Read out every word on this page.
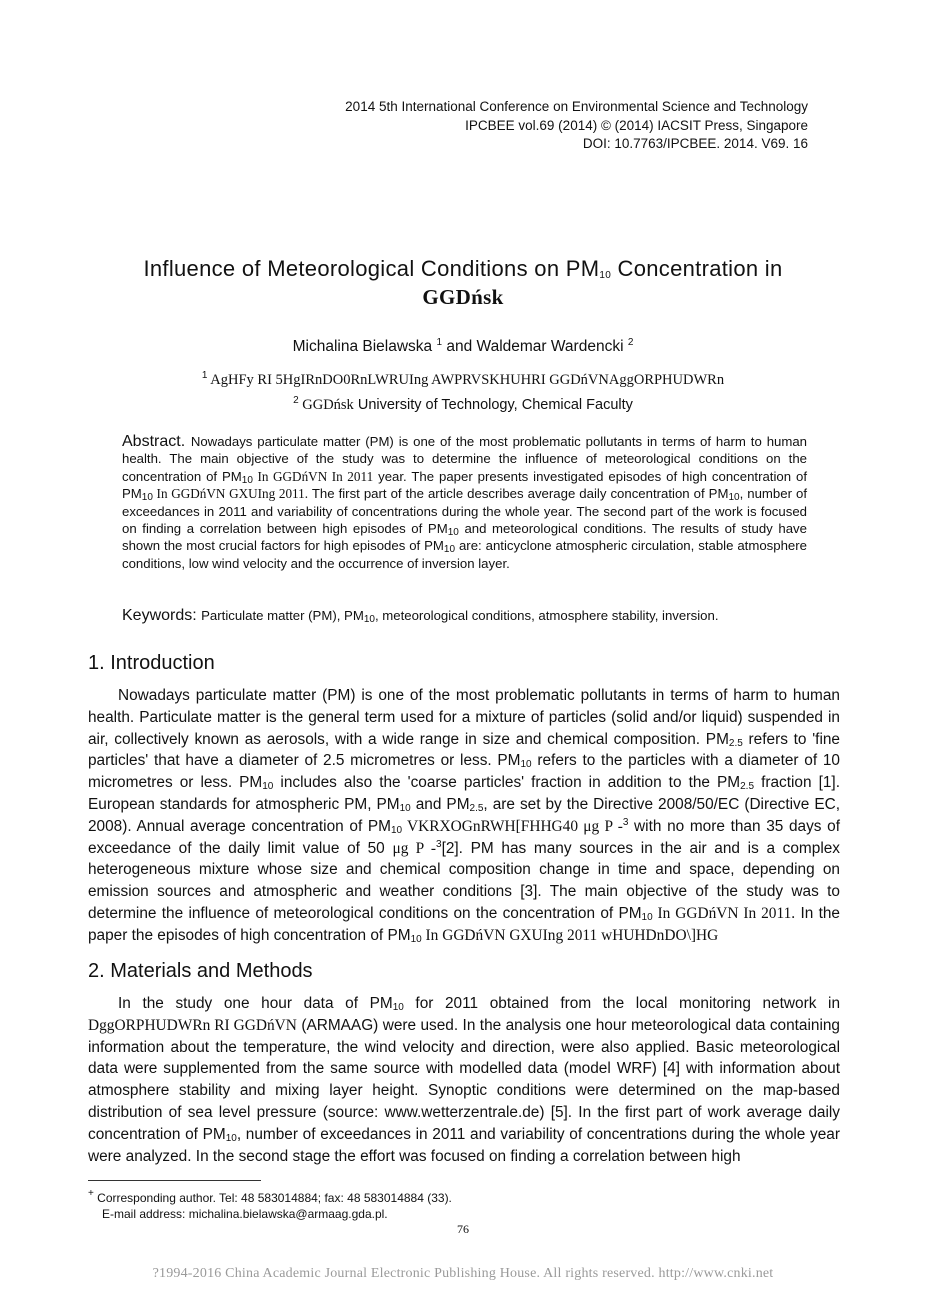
2014 5th International Conference on Environmental Science and Technology
IPCBEE vol.69 (2014) © (2014) IACSIT Press, Singapore
DOI: 10.7763/IPCBEE. 2014. V69. 16
Influence of Meteorological Conditions on $PM_{10}$ Concentration in
GGDńsk
Michalina Bielawska $^1$ and Waldemar Wardencki $^2$
$^1$ AgHFy RI 5HgIRnDO0RnLWRUIng AWPRVSKHUHRI GGDńVNAggORPHUDWRn
$^2$ GGDńsk University of Technology, Chemical Faculty
Abstract. Nowadays particulate matter (PM) is one of the most problematic pollutants in terms of harm to human health. The main objective of the study was to determine the influence of meteorological conditions on the concentration of $PM_{10}$ In GGDńVN In 2011 year. The paper presents investigated episodes of high concentration of $PM_{10}$ In GGDńVN GXUIng 2011. The first part of the article describes average daily concentration of $PM_{10}$, number of exceedances in 2011 and variability of concentrations during the whole year. The second part of the work is focused on finding a correlation between high episodes of $PM_{10}$ and meteorological conditions. The results of study have shown the most crucial factors for high episodes of $PM_{10}$ are: anticyclone atmospheric circulation, stable atmosphere conditions, low wind velocity and the occurrence of inversion layer.
Keywords: Particulate matter (PM), $PM_{10}$, meteorological conditions, atmosphere stability, inversion.
1. Introduction

Nowadays particulate matter (PM) is one of the most problematic pollutants in terms of harm to human health. Particulate matter is the general term used for a mixture of particles (solid and/or liquid) suspended in air, collectively known as aerosols, with a wide range in size and chemical composition. $PM_{2.5}$ refers to 'fine particles' that have a diameter of 2.5 micrometres or less. $PM_{10}$ refers to the particles with a diameter of 10 micrometres or less. $PM_{10}$ includes also the 'coarse particles' fraction in addition to the $PM_{2.5}$ fraction [1]. European standards for atmospheric PM, $PM_{10}$ and $PM_{2.5}$, are set by the Directive 2008/50/EC (Directive EC, 2008). Annual average concentration of $PM_{10}$ VKRXOGnRWH[FHHG40 μg P -$^3$ with no more than 35 days of exceedance of the daily limit value of 50 μg P -$^3$[2]. PM has many sources in the air and is a complex heterogeneous mixture whose size and chemical composition change in time and space, depending on emission sources and atmospheric and weather conditions [3]. The main objective of the study was to determine the influence of meteorological conditions on the concentration of $PM_{10}$ In GGDńVN In 2011. In the paper the episodes of high concentration of $PM_{10}$ In GGDńVN GXUIng 2011 wHUHDnDO\]HG

2. Materials and Methods

In the study one hour data of $PM_{10}$ for 2011 obtained from the local monitoring network in DggORPHUDWRn RI GGDńVN (ARMAAG) were used. In the analysis one hour meteorological data containing information about the temperature, the wind velocity and direction, were also applied. Basic meteorological data were supplemented from the same source with modelled data (model WRF) [4] with information about atmosphere stability and mixing layer height. Synoptic conditions were determined on the map-based distribution of sea level pressure (source: www.wetterzentrale.de) [5]. In the first part of work average daily concentration of $PM_{10}$, number of exceedances in 2011 and variability of concentrations during the whole year were analyzed. In the second stage the effort was focused on finding a correlation between high

+ Corresponding author. Tel: 48 583014884; fax: 48 583014884 (33).
E-mail address: michalina.bielawska@armaag.gda.pl.
76
?1994-2016 China Academic Journal Electronic Publishing House. All rights reserved. http://www.cnki.net
